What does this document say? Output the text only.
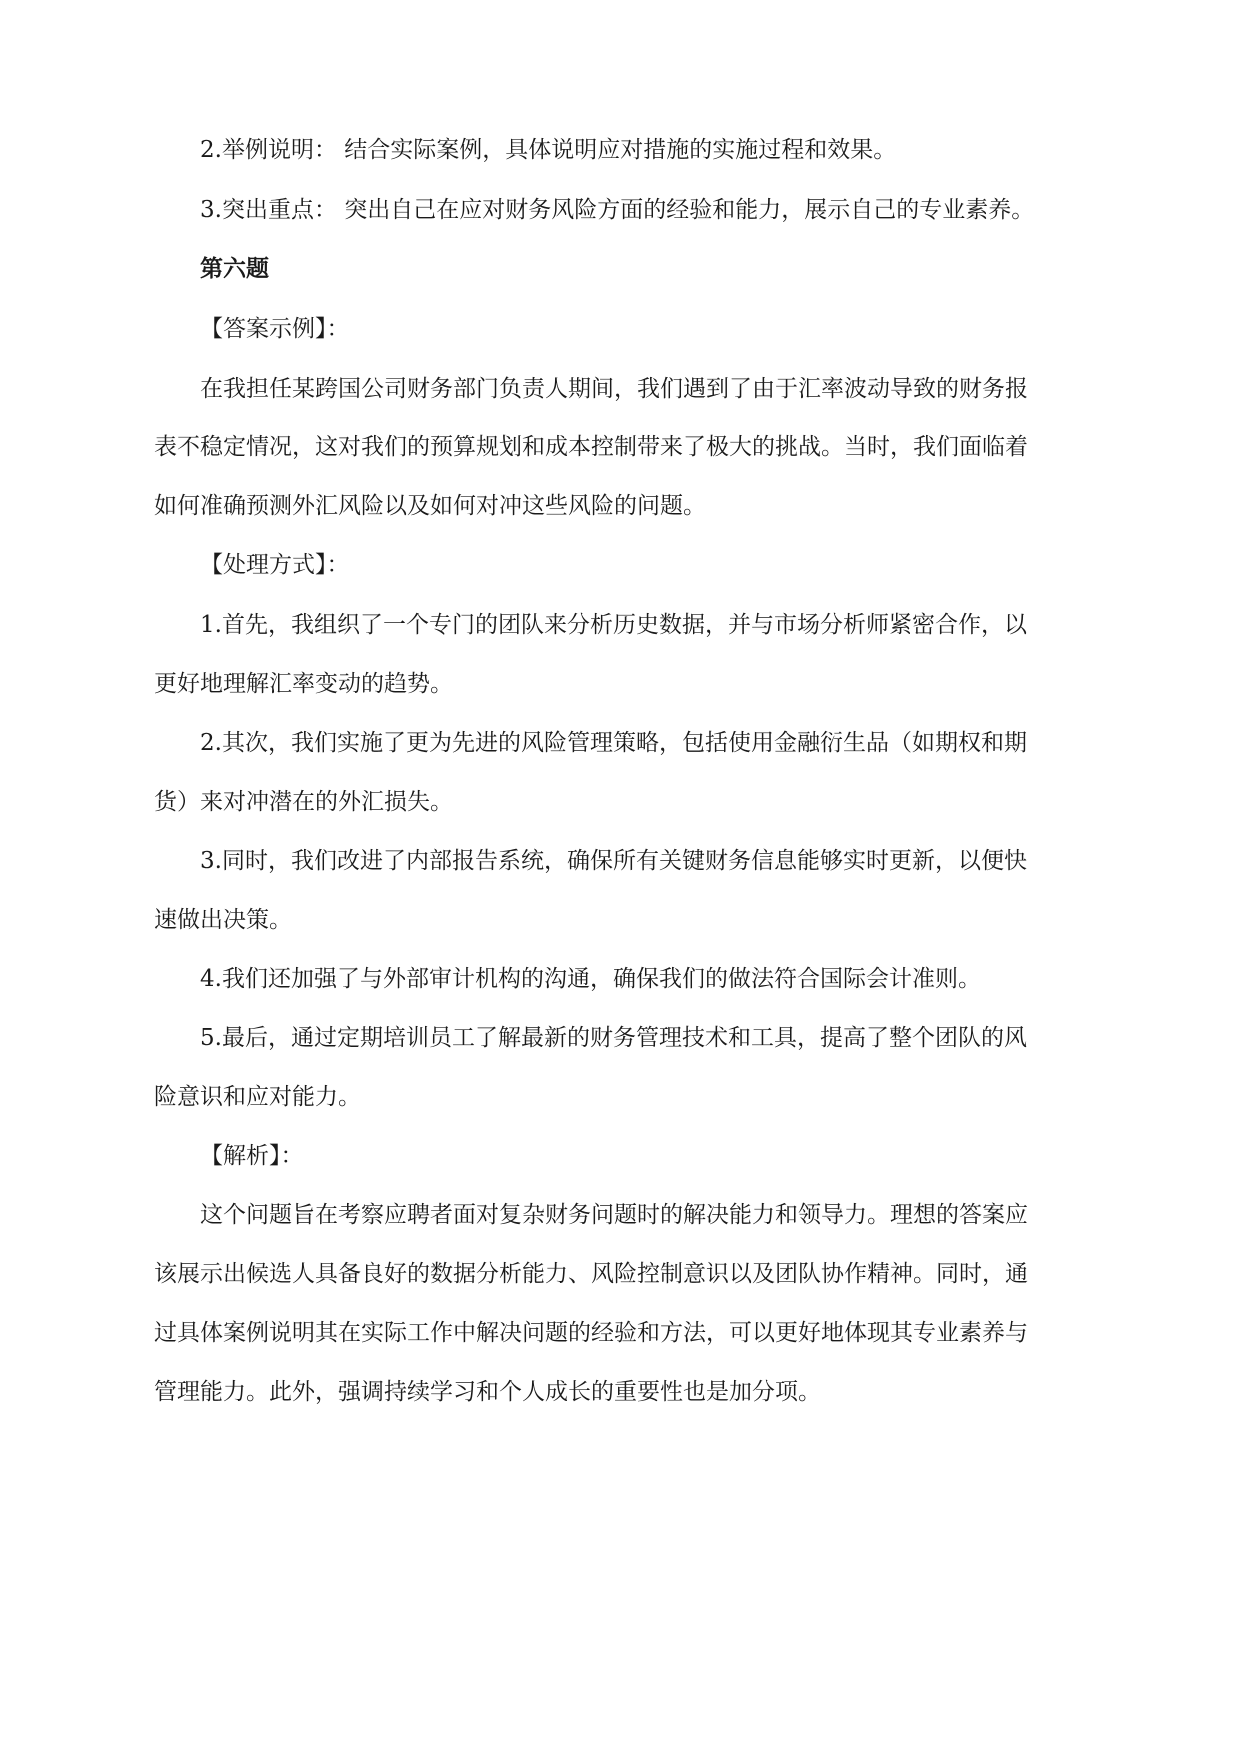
2.举例说明： 结合实际案例，具体说明应对措施的实施过程和效果。
3.突出重点： 突出自己在应对财务风险方面的经验和能力，展示自己的专业素养。
第六题
【答案示例】：
在我担任某跨国公司财务部门负责人期间，我们遇到了由于汇率波动导致的财务报
表不稳定情况，这对我们的预算规划和成本控制带来了极大的挑战。当时，我们面临着
如何准确预测外汇风险以及如何对冲这些风险的问题。
【处理方式】：
1.首先，我组织了一个专门的团队来分析历史数据，并与市场分析师紧密合作，以
更好地理解汇率变动的趋势。
2.其次，我们实施了更为先进的风险管理策略，包括使用金融衍生品（如期权和期
货）来对冲潜在的外汇损失。
3.同时，我们改进了内部报告系统，确保所有关键财务信息能够实时更新，以便快
速做出决策。
4.我们还加强了与外部审计机构的沟通，确保我们的做法符合国际会计准则。
5.最后，通过定期培训员工了解最新的财务管理技术和工具，提高了整个团队的风
险意识和应对能力。
【解析】：
这个问题旨在考察应聘者面对复杂财务问题时的解决能力和领导力。理想的答案应
该展示出候选人具备良好的数据分析能力、风险控制意识以及团队协作精神。同时，通
过具体案例说明其在实际工作中解决问题的经验和方法，可以更好地体现其专业素养与
管理能力。此外，强调持续学习和个人成长的重要性也是加分项。
